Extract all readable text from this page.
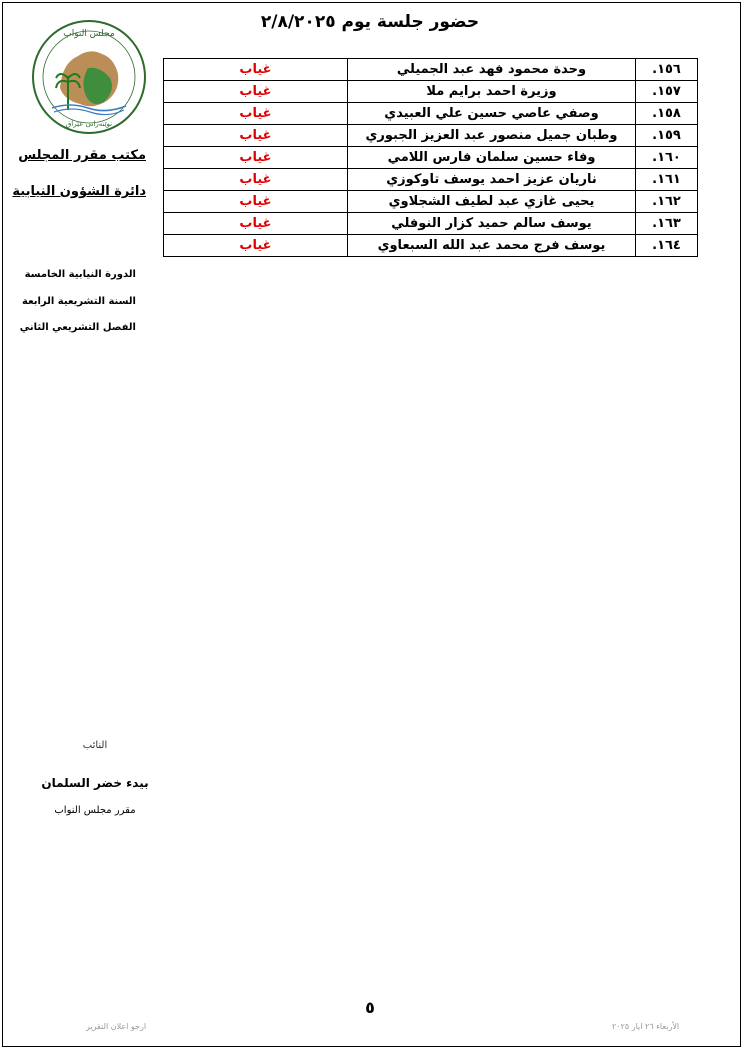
حضور جلسة يوم ٢/٨/٢٠٢٥
مجلس النواب
نوێنەرانی عێراق
مكتب مقرر المجلس
دائرة الشؤون النيابية
الدورة النيابية الخامسة
السنة التشريعية الرابعة
الفصل التشريعي الثاني
١٥٦.	وحدة محمود فهد عبد الجميلي	غياب
١٥٧.	وزيرة احمد برايم ملا	غياب
١٥٨.	وصفي عاصي حسين علي العبيدي	غياب
١٥٩.	وطبان جميل منصور عبد العزيز الجبوري	غياب
١٦٠.	وفاء حسين سلمان فارس اللامي	غياب
١٦١.	ناريان عزيز احمد يوسف تاوكوزي	غياب
١٦٢.	يحيى غازي عبد لطيف الشجلاوي	غياب
١٦٣.	يوسف سالم حميد كزار النوفلي	غياب
١٦٤.	يوسف فرج محمد عبد الله السبعاوي	غياب
النائب
بيدء خضر السلمان
مقرر مجلس النواب
٥
ارجو اعلان التقرير	الأربعاء ٢٦ ايار ٢٠٢٥
